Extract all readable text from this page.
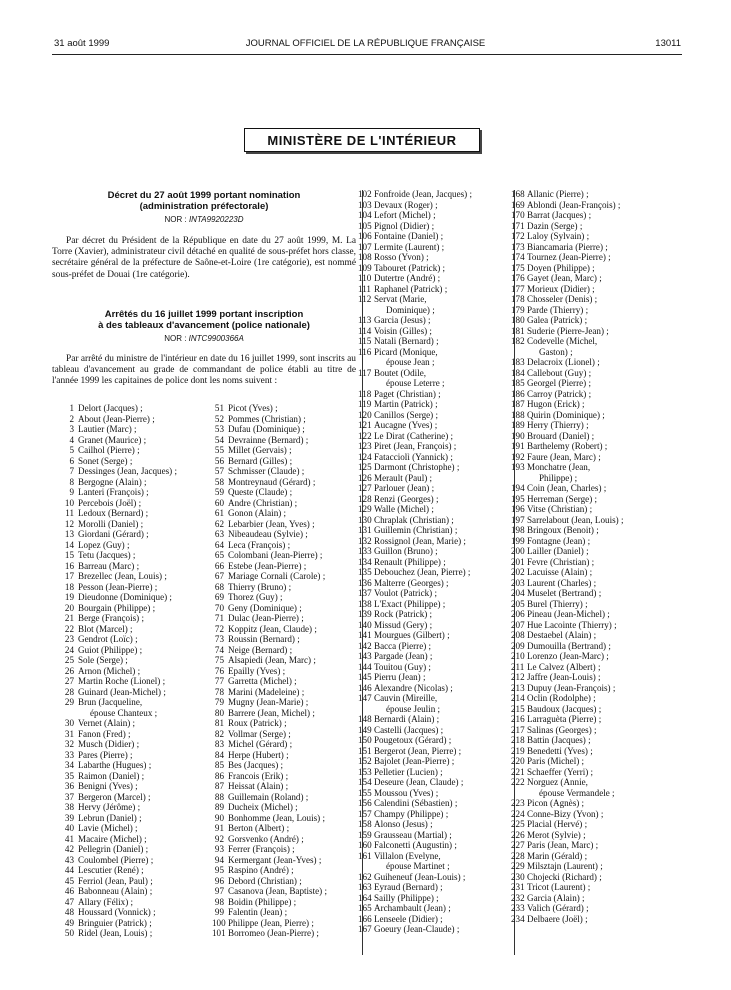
31 août 1999	JOURNAL OFFICIEL DE LA RÉPUBLIQUE FRANÇAISE	13011
MINISTÈRE DE L'INTÉRIEUR
Décret du 27 août 1999 portant nomination
(administration préfectorale)
NOR : INTA9920223D

Par décret du Président de la République en date du 27 août 1999, M. La Torre (Xavier), administrateur civil détaché en qualité de sous-préfet hors classe, secrétaire général de la préfecture de Saône-et-Loire (1re catégorie), est nommé sous-préfet de Douai (1re catégorie).

Arrêtés du 16 juillet 1999 portant inscription
à des tableaux d'avancement (police nationale)
NOR : INTC9900366A

Par arrêté du ministre de l'intérieur en date du 16 juillet 1999, sont inscrits au tableau d'avancement au grade de commandant de police établi au titre de l'année 1999 les capitaines de police dont les noms suivent :

1 Delort (Jacques) ;
2 About (Jean-Pierre) ;
3 Lautier (Marc) ;
4 Granet (Maurice) ;
5 Cailhol (Pierre) ;
6 Sonet (Serge) ;
7 Dessinges (Jean, Jacques) ;
8 Bergogne (Alain) ;
9 Lanteri (François) ;
10 Percebois (Joël) ;
11 Ledoux (Bernard) ;
12 Morolli (Daniel) ;
13 Giordani (Gérard) ;
14 Lopez (Guy) ;
15 Tetu (Jacques) ;
16 Barreau (Marc) ;
17 Brezellec (Jean, Louis) ;
18 Pesson (Jean-Pierre) ;
19 Dieudonne (Dominique) ;
20 Bourgain (Philippe) ;
21 Berge (François) ;
22 Blot (Marcel) ;
23 Gendrot (Loïc) ;
24 Guiot (Philippe) ;
25 Sole (Serge) ;
26 Arnon (Michel) ;
27 Martin Roche (Lionel) ;
28 Guinard (Jean-Michel) ;
29 Brun (Jacqueline,
épouse Chanteux ;
30 Vernet (Alain) ;
31 Fanon (Fred) ;
32 Musch (Didier) ;
33 Pares (Pierre) ;
34 Labarthe (Hugues) ;
35 Raimon (Daniel) ;
36 Benigni (Yves) ;
37 Bergeron (Marcel) ;
38 Hervy (Jérôme) ;
39 Lebrun (Daniel) ;
40 Lavie (Michel) ;
41 Macaire (Michel) ;
42 Pellegrin (Daniel) ;
43 Coulombel (Pierre) ;
44 Lescutier (René) ;
45 Ferriol (Jean, Paul) ;
46 Babonneau (Alain) ;
47 Allary (Félix) ;
48 Houssard (Vonnick) ;
49 Bringuier (Patrick) ;
50 Ridel (Jean, Louis) ;
51 Picot (Yves) ;
52 Pommes (Christian) ;
53 Dufau (Dominique) ;
54 Devrainne (Bernard) ;
55 Millet (Gervais) ;
56 Bernard (Gilles) ;
57 Schmisser (Claude) ;
58 Montreynaud (Gérard) ;
59 Queste (Claude) ;
60 Andre (Christian) ;
61 Gonon (Alain) ;
62 Lebarbier (Jean, Yves) ;
63 Nibeaudeau (Sylvie) ;
64 Leca (François) ;
65 Colombani (Jean-Pierre) ;
66 Estebe (Jean-Pierre) ;
67 Mariage Cornali (Carole) ;
68 Thierry (Bruno) ;
69 Thorez (Guy) ;
70 Geny (Dominique) ;
71 Dulac (Jean-Pierre) ;
72 Koppitz (Jean, Claude) ;
73 Roussin (Bernard) ;
74 Neige (Bernard) ;
75 Alsapiedi (Jean, Marc) ;
76 Epailly (Yves) ;
77 Garretta (Michel) ;
78 Marini (Madeleine) ;
79 Mugny (Jean-Marie) ;
80 Barrere (Jean, Michel) ;
81 Roux (Patrick) ;
82 Vollmar (Serge) ;
83 Michel (Gérard) ;
84 Herpe (Hubert) ;
85 Bes (Jacques) ;
86 Francois (Erik) ;
87 Heissat (Alain) ;
88 Guillemain (Roland) ;
89 Ducheix (Michel) ;
90 Bonhomme (Jean, Louis) ;
91 Berton (Albert) ;
92 Gorsvenko (André) ;
93 Ferrer (François) ;
94 Kermergant (Jean-Yves) ;
95 Raspino (André) ;
96 Debord (Christian) ;
97 Casanova (Jean, Baptiste) ;
98 Boidin (Philippe) ;
99 Falentin (Jean) ;
100 Philippe (Jean, Pierre) ;
101 Borromeo (Jean-Pierre) ;
102 Fonfroide (Jean, Jacques) ;
103 Devaux (Roger) ;
104 Lefort (Michel) ;
105 Pignol (Didier) ;
106 Fontaine (Daniel) ;
107 Lermite (Laurent) ;
108 Rosso (Yvon) ;
109 Tabouret (Patrick) ;
110 Dutertre (André) ;
111 Raphanel (Patrick) ;
112 Servat (Marie,
Dominique) ;
113 Garcia (Jesus) ;
114 Voisin (Gilles) ;
115 Natali (Bernard) ;
116 Picard (Monique,
épouse Jean ;
117 Boutet (Odile,
épouse Leterre ;
118 Paget (Christian) ;
119 Martin (Patrick) ;
120 Canillos (Serge) ;
121 Aucagne (Yves) ;
122 Le Dirat (Catherine) ;
123 Piret (Jean, François) ;
124 Fatacciolì (Yannick) ;
125 Darmont (Christophe) ;
126 Merault (Paul) ;
127 Parlouer (Jean) ;
128 Renzi (Georges) ;
129 Walle (Michel) ;
130 Chraplak (Christian) ;
131 Guillemin (Christian) ;
132 Rossignol (Jean, Marie) ;
133 Guillon (Bruno) ;
134 Renault (Philippe) ;
135 Debouchez (Jean, Pierre) ;
136 Malterre (Georges) ;
137 Voulot (Patrick) ;
138 L'Exact (Philippe) ;
139 Rock (Patrick) ;
140 Missud (Gery) ;
141 Mourgues (Gilbert) ;
142 Bacca (Pierre) ;
143 Pargade (Jean) ;
144 Touitou (Guy) ;
145 Pierru (Jean) ;
146 Alexandre (Nicolas) ;
147 Cauvin (Mireille,
épouse Jeulin ;
148 Bernardi (Alain) ;
149 Castelli (Jacques) ;
150 Pougetoux (Gérard) ;
151 Bergerot (Jean, Pierre) ;
152 Bajolet (Jean-Pierre) ;
153 Pelletier (Lucien) ;
154 Deseure (Jean, Claude) ;
155 Moussou (Yves) ;
156 Calendini (Sébastien) ;
157 Champy (Philippe) ;
158 Alonso (Jesus) ;
159 Grausseau (Martial) ;
160 Falconetti (Augustin) ;
161 Villalon (Evelyne,
épouse Martinet ;
162 Guiheneuf (Jean-Louis) ;
163 Eyraud (Bernard) ;
164 Sailly (Philippe) ;
165 Archambault (Jean) ;
166 Lenseele (Didier) ;
167 Goeury (Jean-Claude) ;
168 Allanic (Pierre) ;
169 Ablondi (Jean-François) ;
170 Barrat (Jacques) ;
171 Dazin (Serge) ;
172 Laloy (Sylvain) ;
173 Biancamaria (Pierre) ;
174 Tournez (Jean-Pierre) ;
175 Doyen (Philippe) ;
176 Gayet (Jean, Marc) ;
177 Morieux (Didier) ;
178 Chosseler (Denis) ;
179 Parde (Thierry) ;
180 Galea (Patrick) ;
181 Suderie (Pierre-Jean) ;
182 Codevelle (Michel,
Gaston) ;
183 Delacroix (Lionel) ;
184 Callebout (Guy) ;
185 Georgel (Pierre) ;
186 Carroy (Patrick) ;
187 Hugon (Erick) ;
188 Quirin (Dominique) ;
189 Herry (Thierry) ;
190 Brouard (Daniel) ;
191 Barthelemy (Robert) ;
192 Faure (Jean, Marc) ;
193 Monchatre (Jean,
Philippe) ;
194 Coin (Jean, Charles) ;
195 Herreman (Serge) ;
196 Vitse (Christian) ;
197 Sarrelabout (Jean, Louis) ;
198 Bringoux (Benoit) ;
199 Fontagne (Jean) ;
200 Lailler (Daniel) ;
201 Fevre (Christian) ;
202 Lacuisse (Alain) ;
203 Laurent (Charles) ;
204 Muselet (Bertrand) ;
205 Burel (Thierry) ;
206 Pineau (Jean-Michel) ;
207 Hue Lacointe (Thierry) ;
208 Destaebel (Alain) ;
209 Dumouilla (Bertrand) ;
210 Lorenzo (Jean-Marc) ;
211 Le Calvez (Albert) ;
212 Jaffre (Jean-Louis) ;
213 Dupuy (Jean-François) ;
214 Oclin (Rodolphe) ;
215 Baudoux (Jacques) ;
216 Larraguèta (Pierre) ;
217 Salinas (Georges) ;
218 Battin (Jacques) ;
219 Benedetti (Yves) ;
220 Paris (Michel) ;
221 Schaeffer (Yerri) ;
222 Norguez (Annie,
épouse Vermandele ;
223 Picon (Agnès) ;
224 Conne-Bizy (Yvon) ;
225 Placial (Hervé) ;
226 Merot (Sylvie) ;
227 Paris (Jean, Marc) ;
228 Marin (Gérald) ;
229 Milsztajn (Laurent) ;
230 Chojecki (Richard) ;
231 Tricot (Laurent) ;
232 Garcia (Alain) ;
233 Valich (Gérard) ;
234 Delbaere (Joël) ;
